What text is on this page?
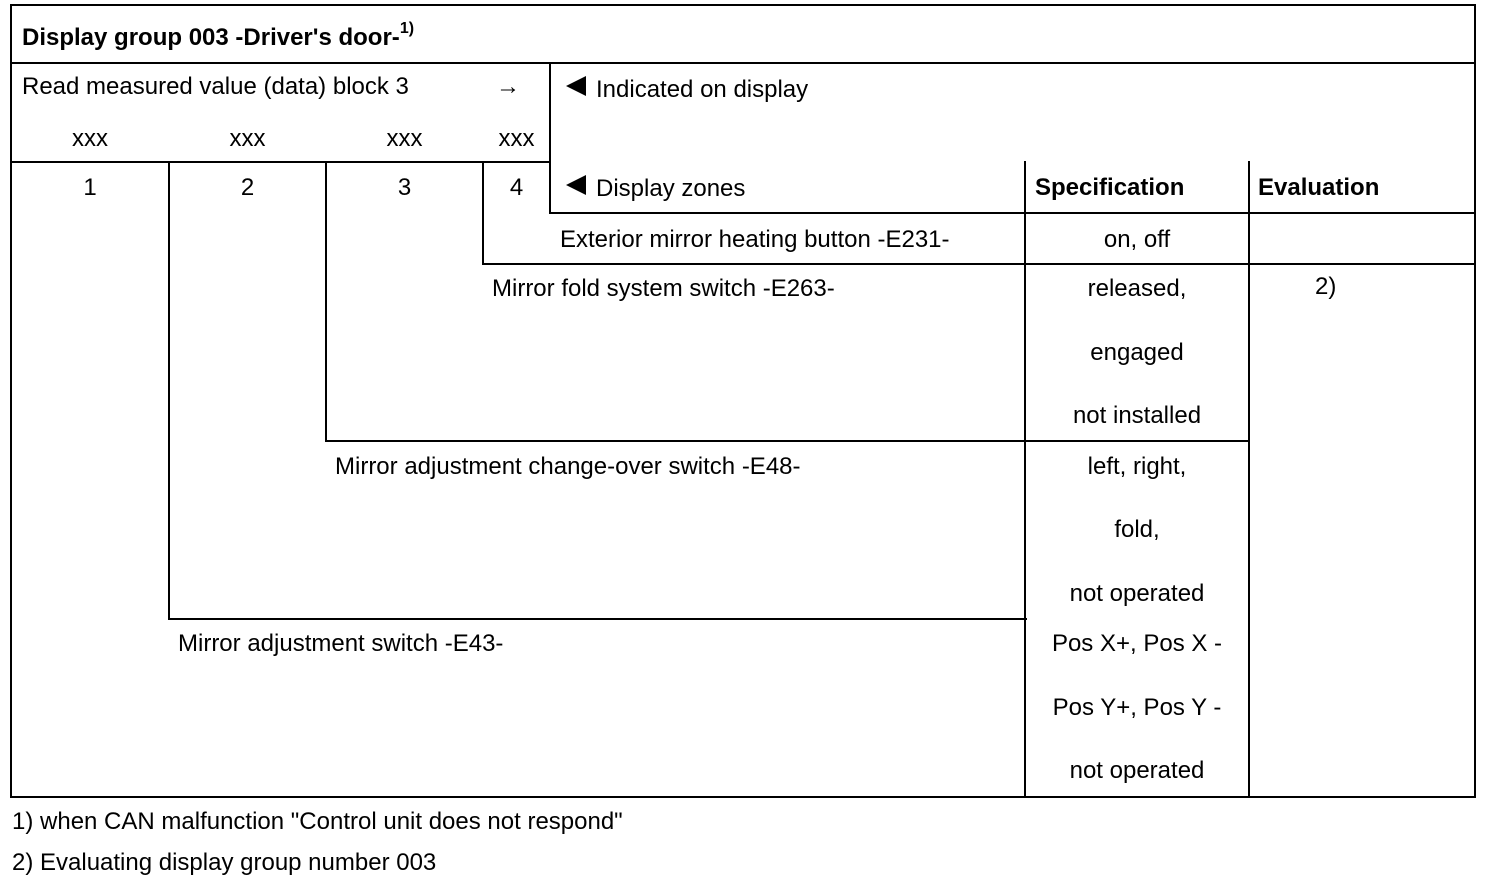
Display group 003 -Driver's door-$^{1)}$
Read measured value (data) block 3	→
xxx	xxx	xxx	xxx
1	2	3	4
Indicated on display
Display zones	Specification	Evaluation
Exterior mirror heating button -E231-	on, off
Mirror fold system switch -E263-	released,
engaged
not installed
2)
Mirror adjustment change-over switch -E48-	left, right,
fold,
not operated
Mirror adjustment switch -E43-	Pos X+, Pos X -
Pos Y+, Pos Y -
not operated
1) when CAN malfunction "Control unit does not respond"
2) Evaluating display group number 003
